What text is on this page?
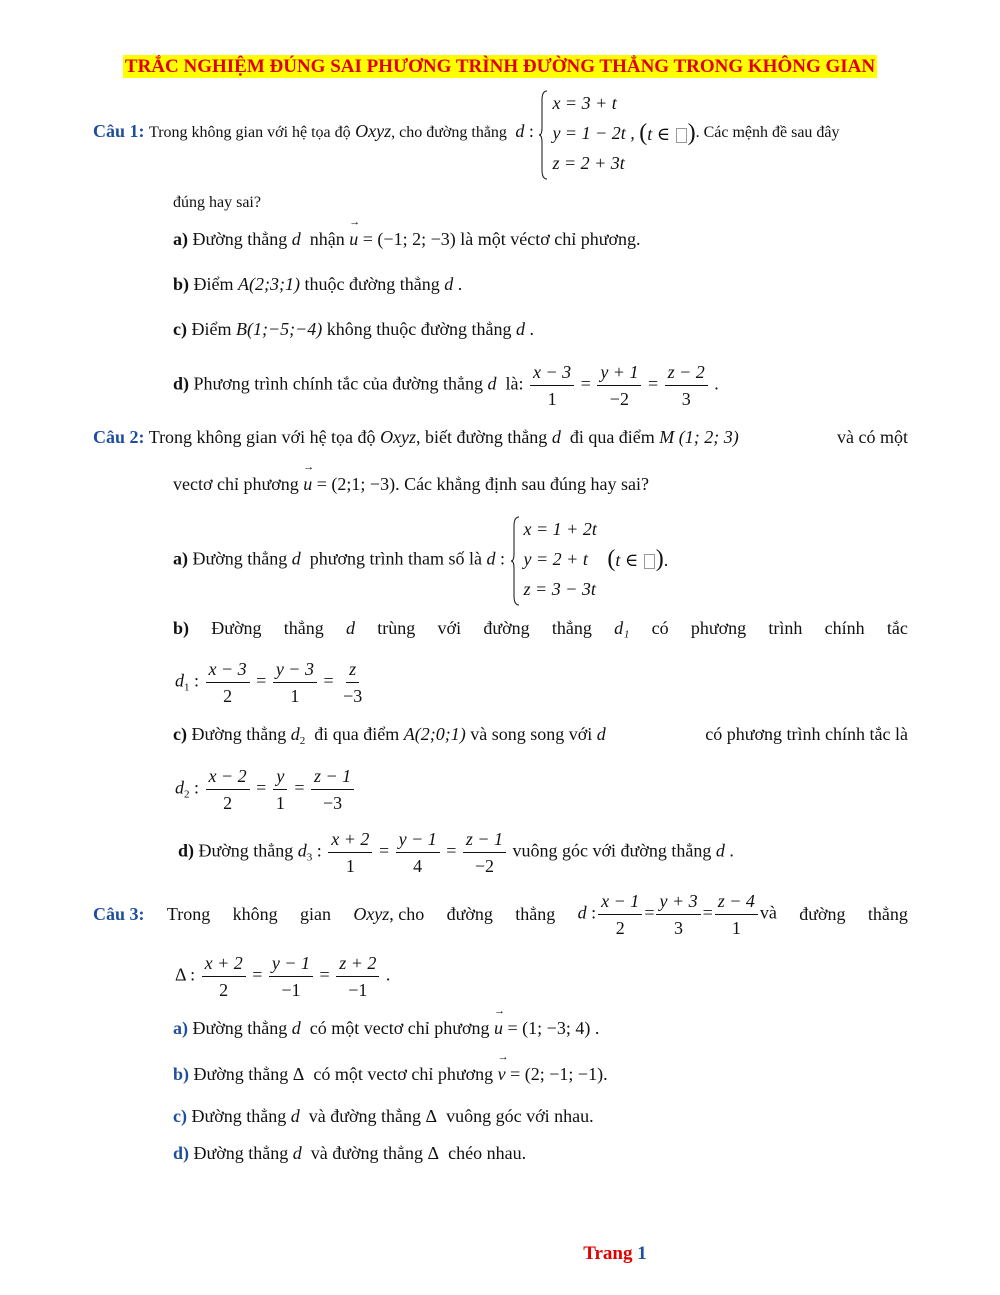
TRẮC NGHIỆM ĐÚNG SAI PHƯƠNG TRÌNH ĐƯỜNG THẲNG TRONG KHÔNG GIAN
Câu 1: Trong không gian với hệ tọa độ Oxyz, cho đường thẳng d :
x = 3 + t
y = 1 − 2t ,
z = 2 + 3t
(t ∈ ). Các mệnh đề sau đây
đúng hay sai?
a) Đường thẳng d nhận → u = (−1; 2; −3) là một véctơ chỉ phương.
b) Điểm A(2;3;1) thuộc đường thẳng d .
c) Điểm B(1;−5;−4) không thuộc đường thẳng d .
d) Phương trình chính tắc của đường thẳng d là: $\frac{x - 3}{1} = \frac{y + 1}{-2} = \frac{z - 2}{3}$ .
Câu 2: Trong không gian với hệ tọa độ Oxyz, biết đường thẳng d đi qua điểm M (1; 2; 3)	và có một
vectơ chỉ phương → u = (2;1; −3). Các khẳng định sau đúng hay sai?
a) Đường thẳng d phương trình tham số là d :
x = 1 + 2t
y = 2 + t
z = 3 − 3t
(t ∈ ).
b) Đường thẳng d trùng với đường thẳng d₁ có phương trình chính tắc
$d_1$ : $\frac{x - 3}{2} = \frac{y - 3}{1} = \frac{z}{-3}$
c) Đường thẳng $d_2$ đi qua điểm A(2;0;1) và song song với d	có phương trình chính tắc là
$d_2$ : $\frac{x - 2}{2} = \frac{y}{1} = \frac{z - 1}{-3}$
d) Đường thẳng $d_3$ : $\frac{x + 2}{1} = \frac{y - 1}{4} = \frac{z - 1}{-2}$ vuông góc với đường thẳng d .
Câu 3: Trong không gian Oxyz, cho đường thẳng d : $\frac{x - 1}{2} = \frac{y + 3}{3} = \frac{z - 4}{1}$ và đường thẳng
Δ : $\frac{x + 2}{2} = \frac{y - 1}{-1} = \frac{z + 2}{-1}$ .
a) Đường thẳng d có một vectơ chỉ phương → u = (1; −3; 4) .
b) Đường thẳng Δ  có một vectơ chỉ phương → v = (2; −1; −1).
c) Đường thẳng d và đường thẳng Δ  vuông góc với nhau.
d) Đường thẳng d và đường thẳng Δ  chéo nhau.
Trang 1
